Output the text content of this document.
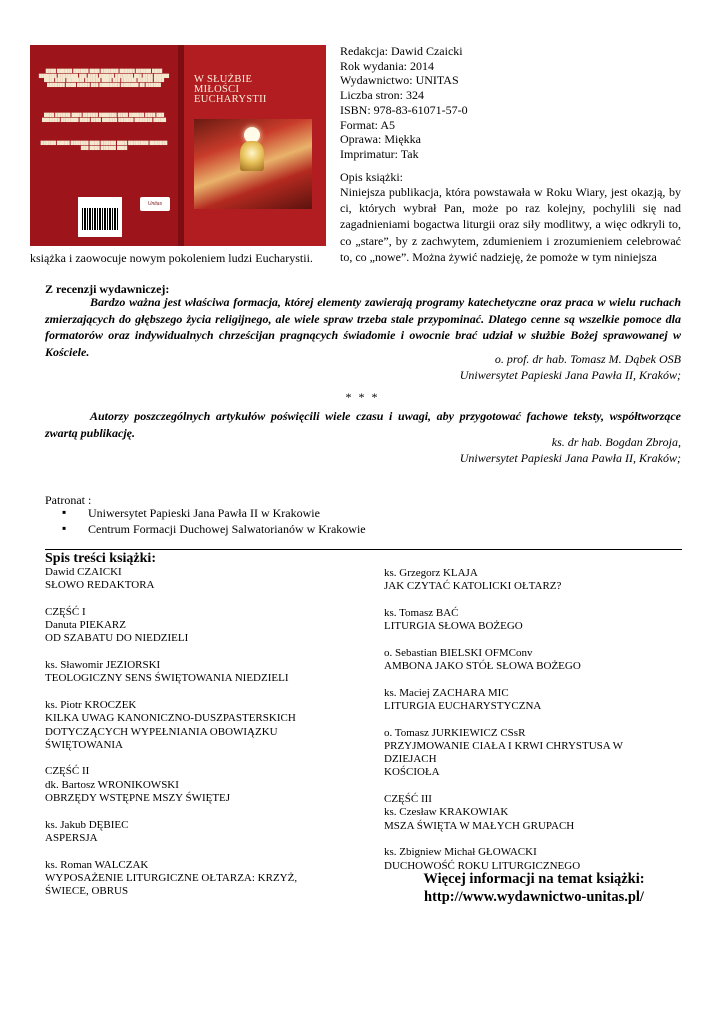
████ ██████ ██████ ████ ███████ ██████ ██████ ████ ███████ ████████ ███ ████ ██████ ███████ ███ ████ ██████ ████ ████ ███████ ██████ ████ ███ ██████ ██████ ████ ███████ ████ █████ ███ ████████ ███████ ██ ██████
████ ██████ ████ ██████ ███████ ████ ██████ ████ ███ ███████ ███████ ████ ████ ██████ ██████ ███████ █████
██████ █████ ███████ ████ ██████ ████ ████████ ███████ ███ ████ ██████ ████
Unitas
W SŁUŻBIE
MIŁOŚCI
EUCHARYSTII
Redakcja: Dawid Czaicki
Rok wydania: 2014
Wydawnictwo: UNITAS
Liczba stron: 324
ISBN: 978-83-61071-57-0
Format: A5
Oprawa: Miękka
Imprimatur: Tak
Opis książki:
Niniejsza publikacja, która powstawała w Roku Wiary, jest okazją, by ci, których wybrał Pan, może po raz kolejny, pochylili się nad zagadnieniami bogactwa liturgii oraz siły modlitwy, a więc odkryli to, co „stare”, by z zachwytem, zdumieniem i zrozumieniem celebrować to, co „nowe”. Można żywić nadzieję, że pomoże w tym niniejsza
książka i zaowocuje nowym pokoleniem ludzi Eucharystii.
Z recenzji wydawniczej:
Bardzo ważna jest właściwa formacja, której elementy zawierają programy katechetyczne oraz praca w wielu ruchach zmierzających do głębszego życia religijnego, ale wiele spraw trzeba stale przypominać. Dlatego cenne są wszelkie pomoce dla formatorów oraz indywidualnych chrześcijan pragnących świadomie i owocnie brać udział w służbie Bożej sprawowanej w Kościele.
o. prof. dr hab. Tomasz M. Dąbek OSB
Uniwersytet Papieski Jana Pawła II, Kraków;
* * *
Autorzy poszczególnych artykułów poświęcili wiele czasu i uwagi, aby przygotować fachowe teksty, współtworzące zwartą publikację.
ks. dr hab. Bogdan Zbroja,
Uniwersytet Papieski Jana Pawła II, Kraków;
Patronat :
▪ Uniwersytet Papieski Jana Pawła II w Krakowie
▪ Centrum Formacji Duchowej Salwatorianów w Krakowie
Spis treści książki:
Dawid CZAICKI
SŁOWO REDAKTORA
CZĘŚĆ I
Danuta PIEKARZ
OD SZABATU DO NIEDZIELI
ks. Sławomir JEZIORSKI
TEOLOGICZNY SENS ŚWIĘTOWANIA NIEDZIELI
ks. Piotr KROCZEK
KILKA UWAG KANONICZNO-DUSZPASTERSKICH
DOTYCZĄCYCH WYPEŁNIANIA OBOWIĄZKU
ŚWIĘTOWANIA
CZĘŚĆ II
dk. Bartosz WRONIKOWSKI
OBRZĘDY WSTĘPNE MSZY ŚWIĘTEJ
ks. Jakub DĘBIEC
ASPERSJA
ks. Roman WALCZAK
WYPOSAŻENIE LITURGICZNE OŁTARZA: KRZYŻ,
ŚWIECE, OBRUS
ks. Grzegorz KLAJA
JAK CZYTAĆ KATOLICKI OŁTARZ?
ks. Tomasz BAĆ
LITURGIA SŁOWA BOŻEGO
o. Sebastian BIELSKI OFMConv
AMBONA JAKO STÓŁ SŁOWA BOŻEGO
ks. Maciej ZACHARA MIC
LITURGIA EUCHARYSTYCZNA
o. Tomasz JURKIEWICZ CSsR
PRZYJMOWANIE CIAŁA I KRWI CHRYSTUSA W
DZIEJACH
KOŚCIOŁA
CZĘŚĆ III
ks. Czesław KRAKOWIAK
MSZA ŚWIĘTA W MAŁYCH GRUPACH
ks. Zbigniew Michał GŁOWACKI
DUCHOWOŚĆ ROKU LITURGICZNEGO
Więcej informacji na temat książki:
http://www.wydawnictwo-unitas.pl/
